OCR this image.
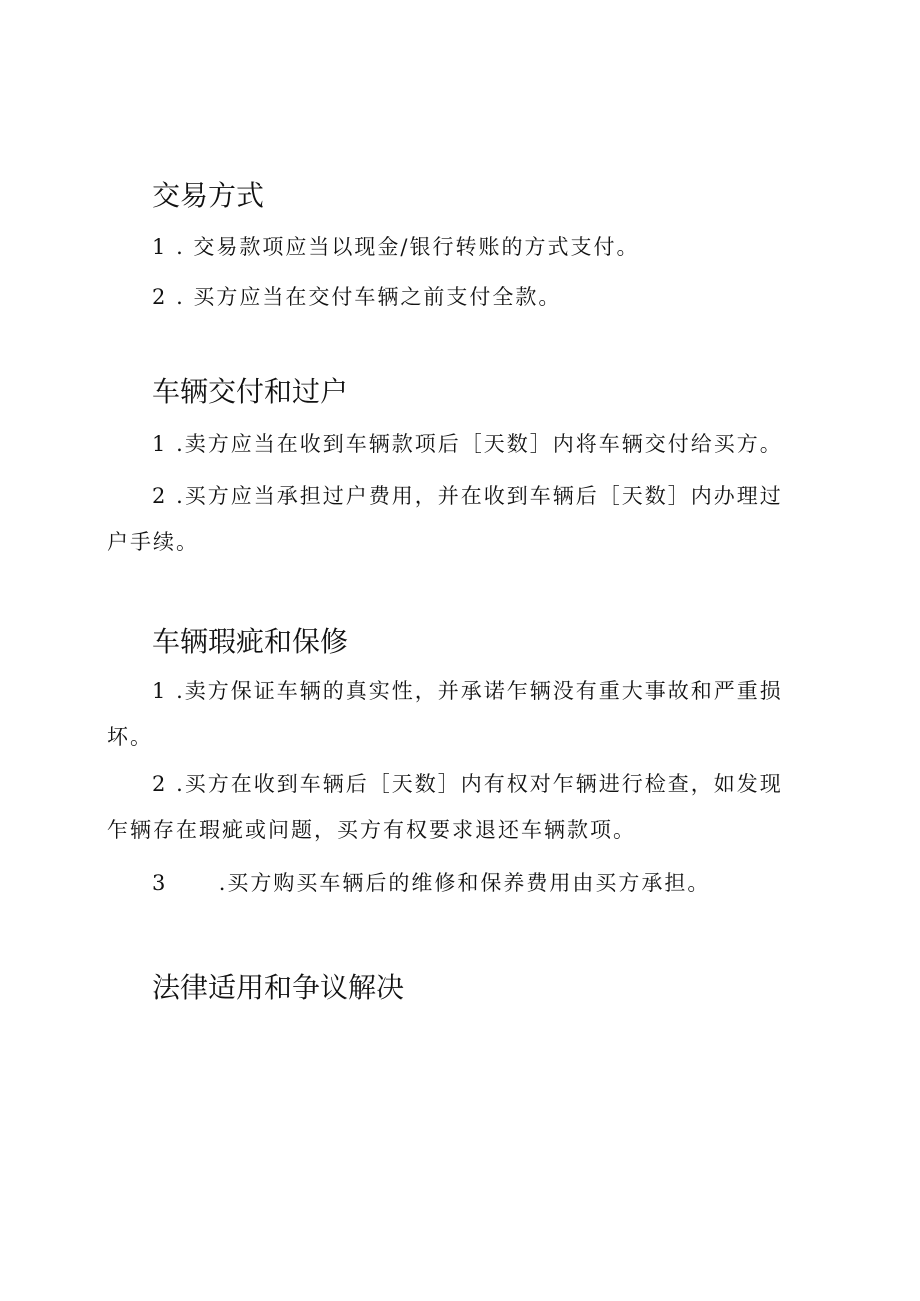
交易方式
1 . 交易款项应当以现金/银行转账的方式支付。
2 . 买方应当在交付车辆之前支付全款。
车辆交付和过户
1 .卖方应当在收到车辆款项后［天数］内将车辆交付给买方。
2 .买方应当承担过户费用，并在收到车辆后［天数］内办理过
户手续。
车辆瑕疵和保修
1 .卖方保证车辆的真实性，并承诺乍辆没有重大事故和严重损
坏。
2 .买方在收到车辆后［天数］内有权对乍辆进行检查，如发现
乍辆存在瑕疵或问题，买方有权要求退还车辆款项。
3 .买方购买车辆后的维修和保养费用由买方承担。
法律适用和争议解决
